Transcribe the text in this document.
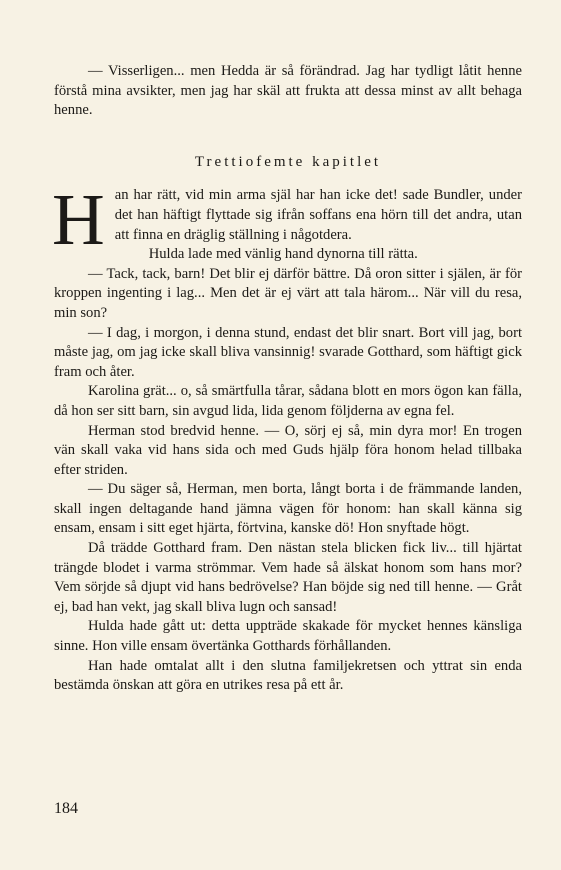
— Visserligen... men Hedda är så förändrad. Jag har tydligt låtit henne förstå mina avsikter, men jag har skäl att frukta att dessa minst av allt behaga henne.

Trettiofemte kapitlet

Han har rätt, vid min arma själ har han icke det! sade Bundler, under det han häftigt flyttade sig ifrån soffans ena hörn till det andra, utan att finna en dräglig ställning i någotdera.

Hulda lade med vänlig hand dynorna till rätta.

— Tack, tack, barn! Det blir ej därför bättre. Då oron sitter i själen, är för kroppen ingenting i lag... Men det är ej värt att tala härom... När vill du resa, min son?

— I dag, i morgon, i denna stund, endast det blir snart. Bort vill jag, bort måste jag, om jag icke skall bliva vansinnig! svarade Gotthard, som häftigt gick fram och åter.

Karolina grät... o, så smärtfulla tårar, sådana blott en mors ögon kan fälla, då hon ser sitt barn, sin avgud lida, lida genom följderna av egna fel.

Herman stod bredvid henne. — O, sörj ej så, min dyra mor! En trogen vän skall vaka vid hans sida och med Guds hjälp föra honom helad tillbaka efter striden.

— Du säger så, Herman, men borta, långt borta i de främmande landen, skall ingen deltagande hand jämna vägen för honom: han skall känna sig ensam, ensam i sitt eget hjärta, förtvina, kanske dö! Hon snyftade högt.

Då trädde Gotthard fram. Den nästan stela blicken fick liv... till hjärtat trängde blodet i varma strömmar. Vem hade så älskat honom som hans mor? Vem sörjde så djupt vid hans bedrövelse? Han böjde sig ned till henne. — Gråt ej, bad han vekt, jag skall bliva lugn och sansad!

Hulda hade gått ut: detta uppträde skakade för mycket hennes känsliga sinne. Hon ville ensam övertänka Gotthards förhållanden.

Han hade omtalat allt i den slutna familjekretsen och yttrat sin enda bestämda önskan att göra en utrikes resa på ett år.

184
